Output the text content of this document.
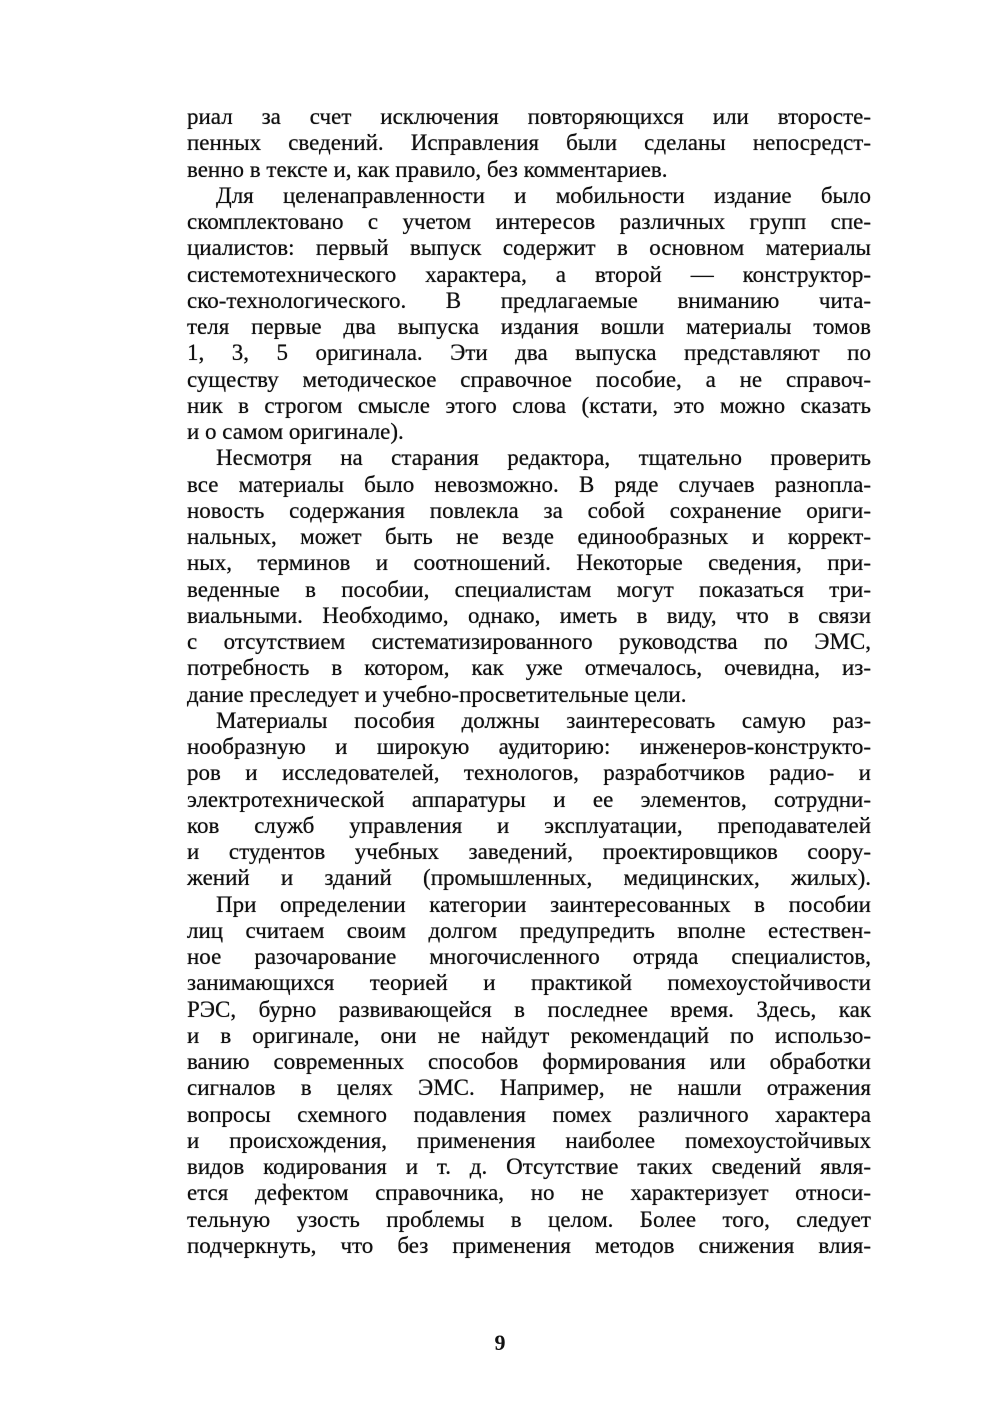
риал за счет исключения повторяющихся или второсте-
пенных сведений. Исправления были сделаны непосредст-
венно в тексте и, как правило, без комментариев.
Для целенаправленности и мобильности издание было
скомплектовано с учетом интересов различных групп спе-
циалистов: первый выпуск содержит в основном материалы
системотехнического характера, а второй — конструктор-
ско-технологического. В предлагаемые вниманию чита-
теля первые два выпуска издания вошли материалы томов
1, 3, 5 оригинала. Эти два выпуска представляют по
существу методическое справочное пособие, а не справоч-
ник в строгом смысле этого слова (кстати, это можно сказать
и о самом оригинале).
Несмотря на старания редактора, тщательно проверить
все материалы было невозможно. В ряде случаев разнопла-
новость содержания повлекла за собой сохранение ориги-
нальных, может быть не везде единообразных и коррект-
ных, терминов и соотношений. Некоторые сведения, при-
веденные в пособии, специалистам могут показаться три-
виальными. Необходимо, однако, иметь в виду, что в связи
с отсутствием систематизированного руководства по ЭМС,
потребность в котором, как уже отмечалось, очевидна, из-
дание преследует и учебно-просветительные цели.
Материалы пособия должны заинтересовать самую раз-
нообразную и широкую аудиторию: инженеров-конструкто-
ров и исследователей, технологов, разработчиков радио- и
электротехнической аппаратуры и ее элементов, сотрудни-
ков служб управления и эксплуатации, преподавателей
и студентов учебных заведений, проектировщиков соору-
жений и зданий (промышленных, медицинских, жилых).
При определении категории заинтересованных в пособии
лиц считаем своим долгом предупредить вполне естествен-
ное разочарование многочисленного отряда специалистов,
занимающихся теорией и практикой помехоустойчивости
РЭС, бурно развивающейся в последнее время. Здесь, как
и в оригинале, они не найдут рекомендаций по использо-
ванию современных способов формирования или обработки
сигналов в целях ЭМС. Например, не нашли отражения
вопросы схемного подавления помех различного характера
и происхождения, применения наиболее помехоустойчивых
видов кодирования и т. д. Отсутствие таких сведений явля-
ется дефектом справочника, но не характеризует относи-
тельную узость проблемы в целом. Более того, следует
подчеркнуть, что без применения методов снижения влия-
9
